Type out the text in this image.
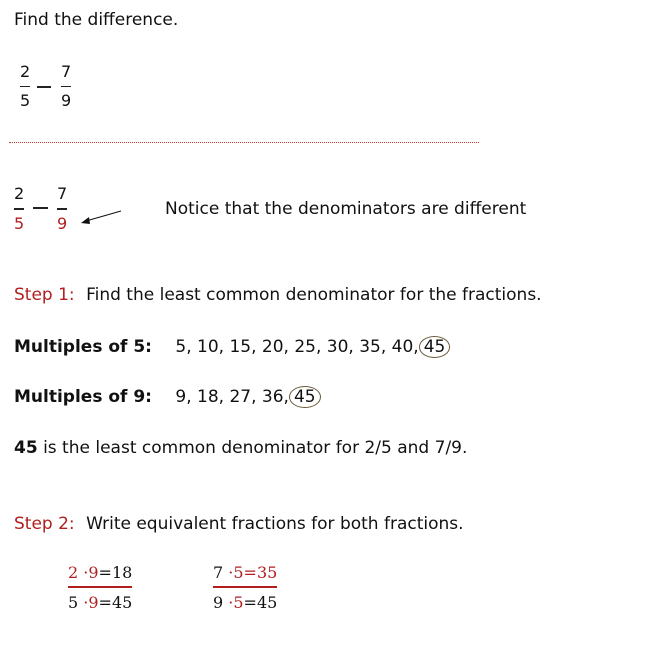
Find the difference.
2
5
7
9
2
5
7
9
Notice that the denominators are different
Step 1: Find the least common denominator for the fractions.
Multiples of 5: 5, 10, 15, 20, 25, 30, 35, 40, 45
Multiples of 9: 9, 18, 27, 36, 45
45 is the least common denominator for 2/5 and 7/9.
Step 2: Write equivalent fractions for both fractions.
2 ·9=18
5 ·9=45
7 ·5=35
9 ·5=45
